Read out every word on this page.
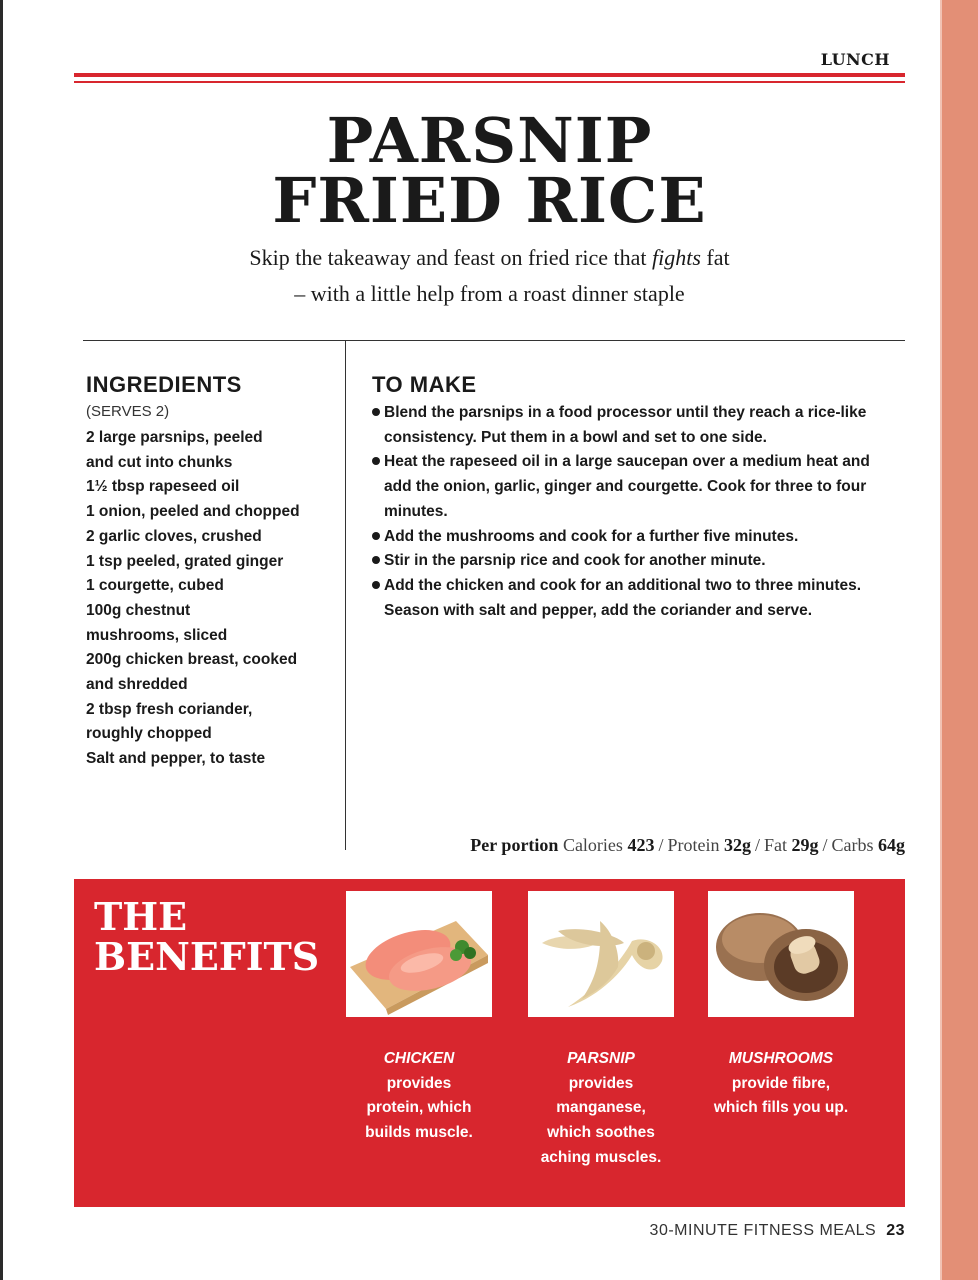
LUNCH
PARSNIP
FRIED RICE

Skip the takeaway and feast on fried rice that fights fat

– with a little help from a roast dinner staple

INGREDIENTS
(SERVES 2)
2 large parsnips, peeled
and cut into chunks
1½ tbsp rapeseed oil
1 onion, peeled and chopped
2 garlic cloves, crushed
1 tsp peeled, grated ginger
1 courgette, cubed
100g chestnut
mushrooms, sliced
200g chicken breast, cooked
and shredded
2 tbsp fresh coriander,
roughly chopped
Salt and pepper, to taste
TO MAKE
Blend the parsnips in a food processor until they reach a rice-like consistency. Put them in a bowl and set to one side.
Heat the rapeseed oil in a large saucepan over a medium heat and add the onion, garlic, ginger and courgette. Cook for three to four minutes.
Add the mushrooms and cook for a further five minutes.
Stir in the parsnip rice and cook for another minute.
Add the chicken and cook for an additional two to three minutes. Season with salt and pepper, add the coriander and serve.
Per portion Calories 423 / Protein 32g / Fat 29g / Carbs 64g
THE
BENEFITS
CHICKEN
provides
protein, which
builds muscle.
PARSNIP
provides
manganese,
which soothes
aching muscles.
MUSHROOMS
provide fibre,
which fills you up.
30-MINUTE FITNESS MEALS 23
